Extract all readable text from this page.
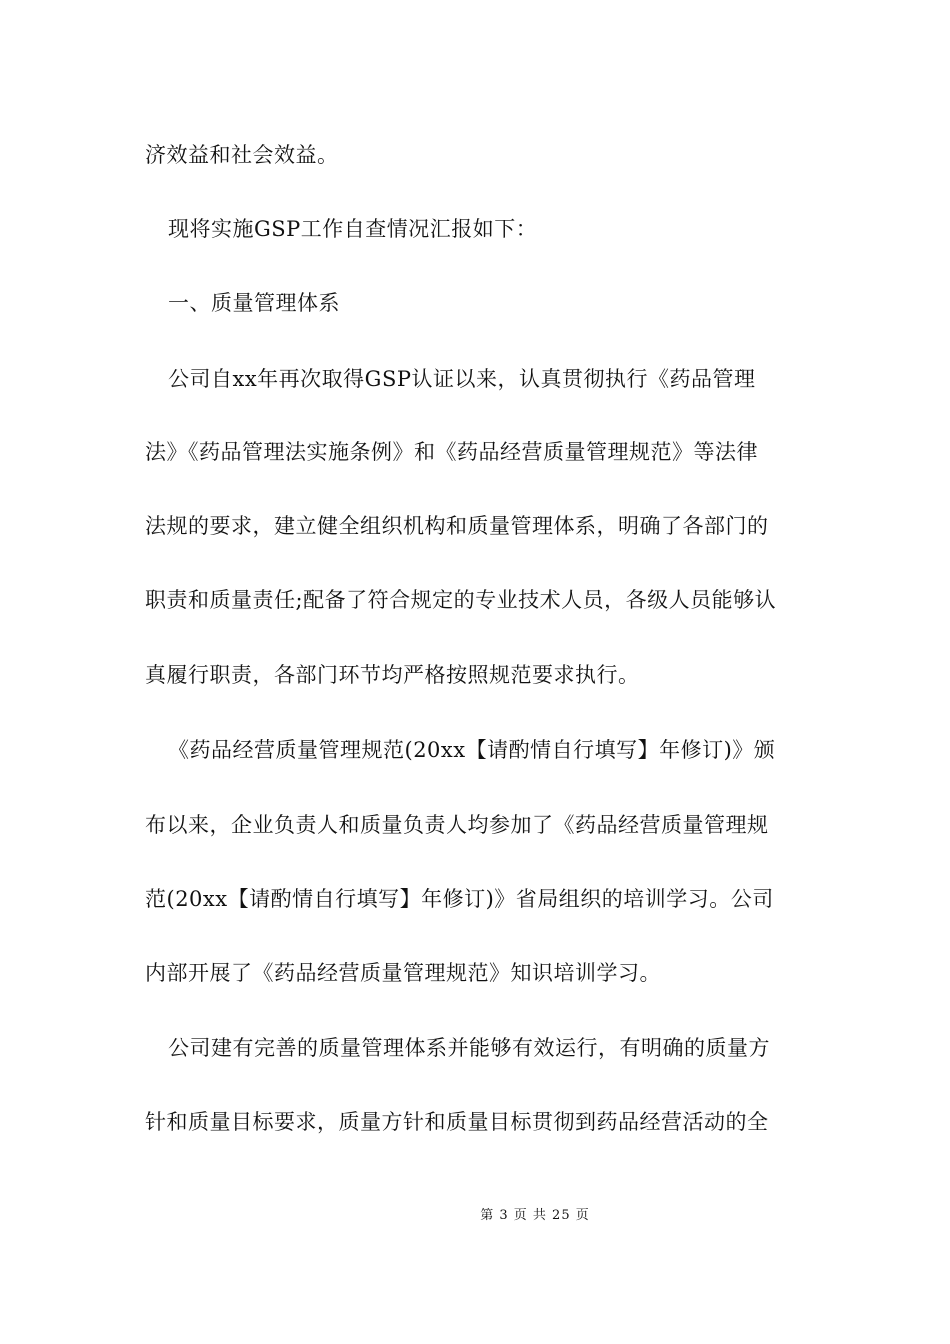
济效益和社会效益。
现将实施GSP工作自查情况汇报如下：
一、质量管理体系
公司自xx年再次取得GSP认证以来，认真贯彻执行《药品管理
法》《药品管理法实施条例》和《药品经营质量管理规范》等法律
法规的要求，建立健全组织机构和质量管理体系，明确了各部门的
职责和质量责任;配备了符合规定的专业技术人员，各级人员能够认
真履行职责，各部门环节均严格按照规范要求执行。
《药品经营质量管理规范(20xx【请酌情自行填写】年修订)》颁
布以来，企业负责人和质量负责人均参加了《药品经营质量管理规
范(20xx【请酌情自行填写】年修订)》省局组织的培训学习。公司
内部开展了《药品经营质量管理规范》知识培训学习。
公司建有完善的质量管理体系并能够有效运行，有明确的质量方
针和质量目标要求，质量方针和质量目标贯彻到药品经营活动的全
第 3 页 共 25 页
